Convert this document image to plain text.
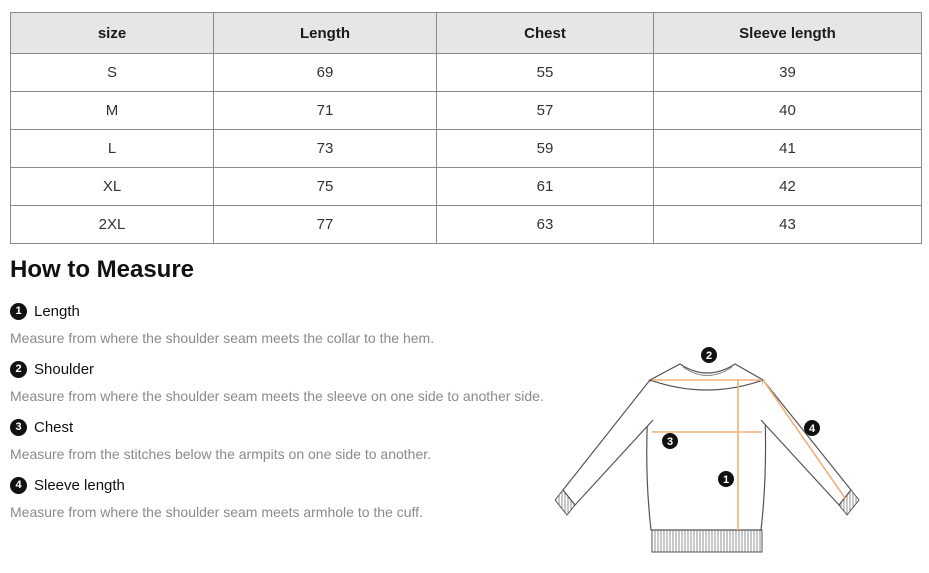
size	Length	Chest	Sleeve length
S	69	55	39
M	71	57	40
L	73	59	41
XL	75	61	42
2XL	77	63	43
How to Measure
1 Length
Measure from where the shoulder seam meets the collar to the hem.
2 Shoulder
Measure from where the shoulder seam meets the sleeve on one side to another side.
3 Chest
Measure from the stitches below the armpits on one side to another.
4 Sleeve length
Measure from where the shoulder seam meets armhole to the cuff.
1
2
3
4
